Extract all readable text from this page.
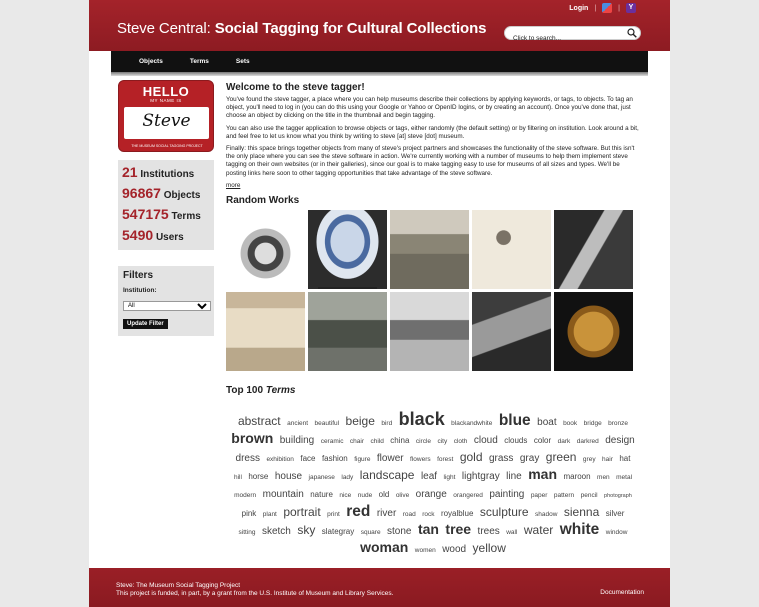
Steve Central: Social Tagging for Cultural Collections
Login |	|	Y
Click to search...
Objects	Terms	Sets
HELLO
MY NAME IS
Steve
THE MUSEUM SOCIAL TAGGING PROJECT
21 Institutions
96867 Objects
547175 Terms
5490 Users
Filters
Institution:
All Update Filter
Welcome to the steve tagger!

You've found the steve tagger, a place where you can help museums describe their collections by applying keywords, or tags, to objects. To tag an object, you'll need to log in (you can do this using your Google or Yahoo or OpenID logins, or by creating an account). Once you've done that, just choose an object by clicking on the title in the thumbnail and begin tagging.

You can also use the tagger application to browse objects or tags, either randomly (the default setting) or by filtering on institution. Look around a bit, and feel free to let us know what you think by writing to steve [at] steve [dot] museum.

Finally: this space brings together objects from many of steve's project partners and showcases the functionality of the steve software. But this isn't the only place where you can see the steve software in action. We're currently working with a number of museums to help them implement steve tagging on their own websites (or in their galleries), since our goal is to make tagging easy to use for museums of all sizes and types. We'll be posting links here soon to other tagging opportunities that take advantage of the steve software.

more
Random Works
Top 100 Terms
abstract ancient beautiful beige bird black blackandwhite blue boat book bridge bronze brown building ceramic chair child china circle city cloth cloud clouds color dark darkred design dress exhibition face fashion figure flower flowers forest gold grass gray green grey hair hat hill horse house japanese lady landscape leaf light lightgray line man maroon men metal modern mountain nature nice nude old olive orange orangered painting paper pattern pencil photograph pink plant portrait print red river road rock royalblue sculpture shadow sienna silver sitting sketch sky slategray square stone tan tree trees wall water white window woman women wood yellow
Steve: The Museum Social Tagging Project
This project is funded, in part, by a grant from the U.S. Institute of Museum and Library Services.	Documentation
